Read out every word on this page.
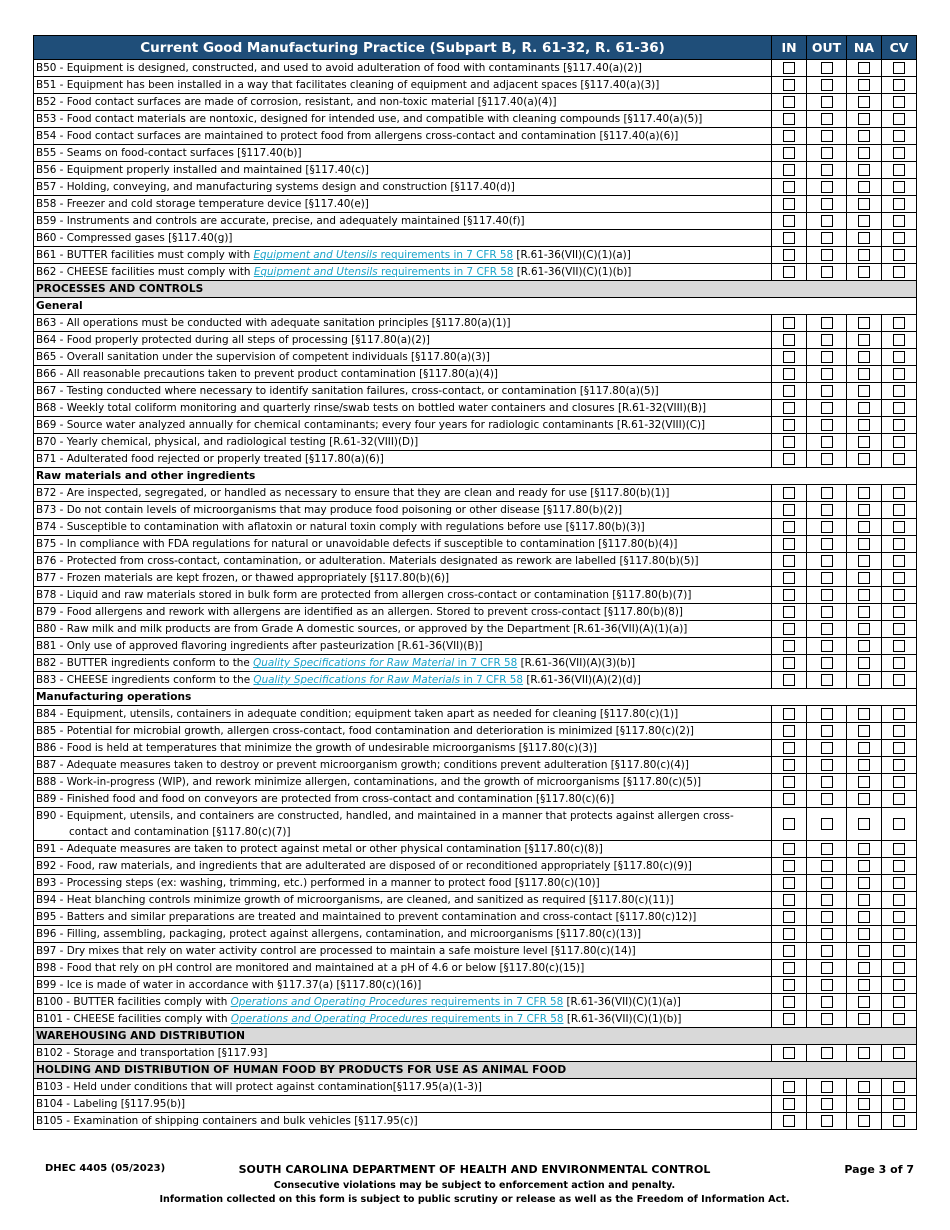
Current Good Manufacturing Practice (Subpart B, R. 61-32, R. 61-36)	IN	OUT	NA	CV
B50 - Equipment is designed, constructed, and used to avoid adulteration of food with contaminants [§117.40(a)(2)]				
B51 - Equipment has been installed in a way that facilitates cleaning of equipment and adjacent spaces [§117.40(a)(3)]				
B52 - Food contact surfaces are made of corrosion, resistant, and non-toxic material [§117.40(a)(4)]				
B53 - Food contact materials are nontoxic, designed for intended use, and compatible with cleaning compounds [§117.40(a)(5)]				
B54 - Food contact surfaces are maintained to protect food from allergens cross-contact and contamination [§117.40(a)(6)]				
B55 - Seams on food-contact surfaces [§117.40(b)]				
B56 - Equipment properly installed and maintained [§117.40(c)]				
B57 - Holding, conveying, and manufacturing systems design and construction [§117.40(d)]				
B58 - Freezer and cold storage temperature device [§117.40(e)]				
B59 - Instruments and controls are accurate, precise, and adequately maintained [§117.40(f)]				
B60 - Compressed gases [§117.40(g)]				
B61 - BUTTER facilities must comply with Equipment and Utensils requirements in 7 CFR 58 [R.61-36(VII)(C)(1)(a)]				
B62 - CHEESE facilities must comply with Equipment and Utensils requirements in 7 CFR 58 [R.61-36(VII)(C)(1)(b)]				
PROCESSES AND CONTROLS				
General				
B63 - All operations must be conducted with adequate sanitation principles [§117.80(a)(1)]				
B64 - Food properly protected during all steps of processing [§117.80(a)(2)]				
B65 - Overall sanitation under the supervision of competent individuals [§117.80(a)(3)]				
B66 - All reasonable precautions taken to prevent product contamination [§117.80(a)(4)]				
B67 - Testing conducted where necessary to identify sanitation failures, cross-contact, or contamination [§117.80(a)(5)]				
B68 - Weekly total coliform monitoring and quarterly rinse/swab tests on bottled water containers and closures [R.61-32(VIII)(B)]				
B69 - Source water analyzed annually for chemical contaminants; every four years for radiologic contaminants [R.61-32(VIII)(C)]				
B70 - Yearly chemical, physical, and radiological testing [R.61-32(VIII)(D)]				
B71 - Adulterated food rejected or properly treated [§117.80(a)(6)]				
Raw materials and other ingredients				
B72 - Are inspected, segregated, or handled as necessary to ensure that they are clean and ready for use [§117.80(b)(1)]				
B73 - Do not contain levels of microorganisms that may produce food poisoning or other disease [§117.80(b)(2)]				
B74 - Susceptible to contamination with aflatoxin or natural toxin comply with regulations before use [§117.80(b)(3)]				
B75 - In compliance with FDA regulations for natural or unavoidable defects if susceptible to contamination [§117.80(b)(4)]				
B76 - Protected from cross-contact, contamination, or adulteration. Materials designated as rework are labelled [§117.80(b)(5)]				
B77 - Frozen materials are kept frozen, or thawed appropriately [§117.80(b)(6)]				
B78 - Liquid and raw materials stored in bulk form are protected from allergen cross-contact or contamination [§117.80(b)(7)]				
B79 - Food allergens and rework with allergens are identified as an allergen. Stored to prevent cross-contact [§117.80(b)(8)]				
B80 - Raw milk and milk products are from Grade A domestic sources, or approved by the Department [R.61-36(VII)(A)(1)(a)]				
B81 - Only use of approved flavoring ingredients after pasteurization [R.61-36(VII)(B)]				
B82 - BUTTER ingredients conform to the Quality Specifications for Raw Material in 7 CFR 58 [R.61-36(VII)(A)(3)(b)]				
B83 - CHEESE ingredients conform to the Quality Specifications for Raw Materials in 7 CFR 58 [R.61-36(VII)(A)(2)(d)]				
Manufacturing operations				
B84 - Equipment, utensils, containers in adequate condition; equipment taken apart as needed for cleaning [§117.80(c)(1)]				
B85 - Potential for microbial growth, allergen cross-contact, food contamination and deterioration is minimized [§117.80(c)(2)]				
B86 - Food is held at temperatures that minimize the growth of undesirable microorganisms [§117.80(c)(3)]				
B87 - Adequate measures taken to destroy or prevent microorganism growth; conditions prevent adulteration [§117.80(c)(4)]				
B88 - Work-in-progress (WIP), and rework minimize allergen, contaminations, and the growth of microorganisms [§117.80(c)(5)]				
B89 - Finished food and food on conveyors are protected from cross-contact and contamination [§117.80(c)(6)]				

B90 - Equipment, utensils, and containers are constructed, handled, and maintained in a manner that protects against allergen cross-contact and contamination [§117.80(c)(7)]				

B91 - Adequate measures are taken to protect against metal or other physical contamination [§117.80(c)(8)]				
B92 - Food, raw materials, and ingredients that are adulterated are disposed of or reconditioned appropriately [§117.80(c)(9)]				
B93 - Processing steps (ex: washing, trimming, etc.) performed in a manner to protect food [§117.80(c)(10)]				
B94 - Heat blanching controls minimize growth of microorganisms, are cleaned, and sanitized as required [§117.80(c)(11)]				
B95 - Batters and similar preparations are treated and maintained to prevent contamination and cross-contact [§117.80(c)12)]				
B96 - Filling, assembling, packaging, protect against allergens, contamination, and microorganisms [§117.80(c)(13)]				
B97 - Dry mixes that rely on water activity control are processed to maintain a safe moisture level [§117.80(c)(14)]				
B98 - Food that rely on pH control are monitored and maintained at a pH of 4.6 or below [§117.80(c)(15)]				
B99 - Ice is made of water in accordance with §117.37(a) [§117.80(c)(16)]				
B100 - BUTTER facilities comply with Operations and Operating Procedures requirements in 7 CFR 58 [R.61-36(VII)(C)(1)(a)]				
B101 - CHEESE facilities comply with Operations and Operating Procedures requirements in 7 CFR 58 [R.61-36(VII)(C)(1)(b)]				
WAREHOUSING AND DISTRIBUTION				
B102 - Storage and transportation [§117.93]				
HOLDING AND DISTRIBUTION OF HUMAN FOOD BY PRODUCTS FOR USE AS ANIMAL FOOD				
B103 - Held under conditions that will protect against contamination[§117.95(a)(1-3)]				
B104 - Labeling [§117.95(b)]				
B105 - Examination of shipping containers and bulk vehicles [§117.95(c)]				
DHEC 4405 (05/2023)	SOUTH CAROLINA DEPARTMENT OF HEALTH AND ENVIRONMENTAL CONTROL	Page 3 of 7
Consecutive violations may be subject to enforcement action and penalty.
Information collected on this form is subject to public scrutiny or release as well as the Freedom of Information Act.
